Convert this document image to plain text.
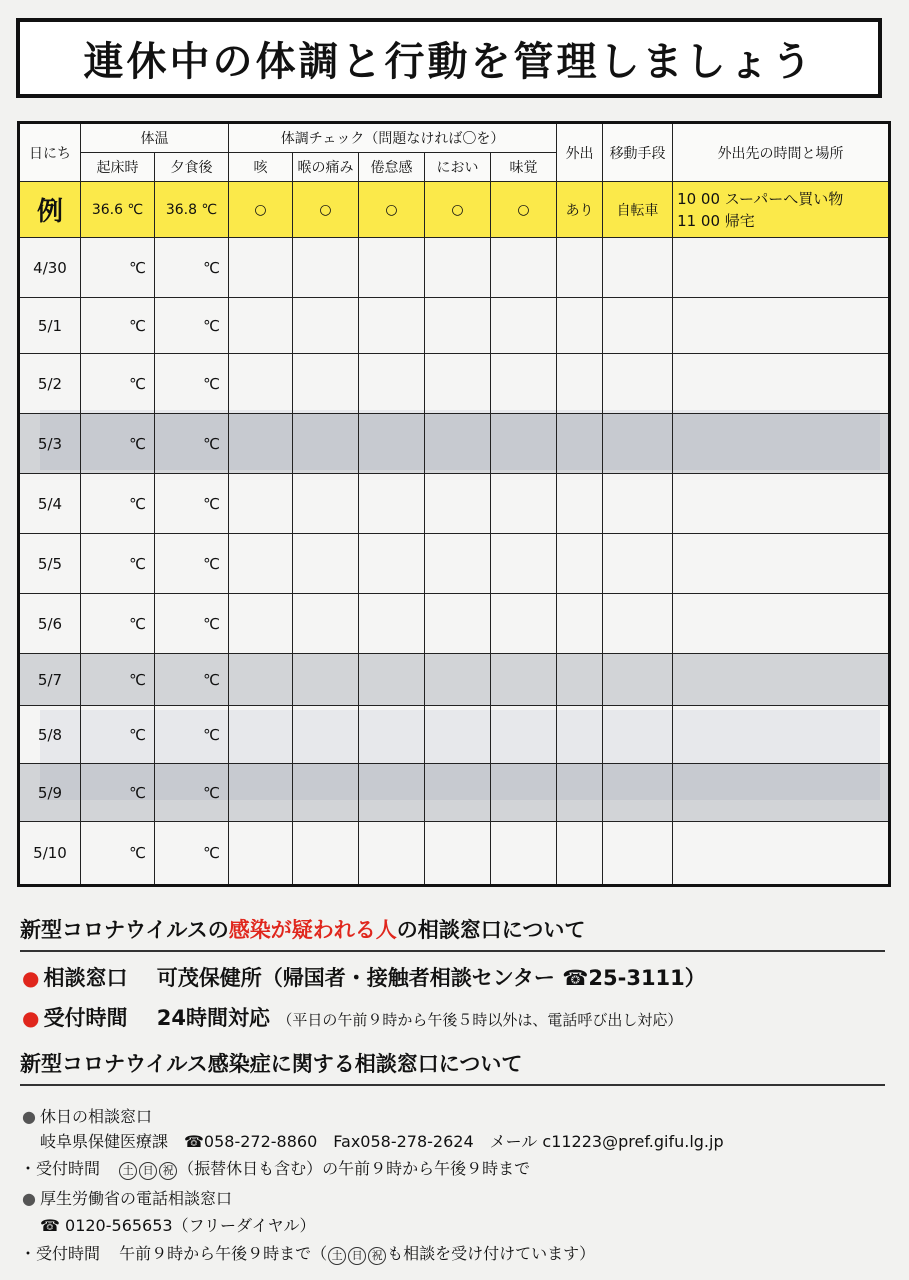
連休中の体調と行動を管理しましょう
日にち	体温		体調チェック（問題なければ〇を）					外出	移動手段	外出先の時間と場所
	起床時	夕食後	咳	喉の痛み	倦怠感	におい	味覚			
例	36.6 ℃	36.8 ℃	○	○	○	○	○	あり	自転車	10 00 スーパーへ買い物
11 00 帰宅

4/30	℃	℃								
5/1	℃	℃								
5/2	℃	℃								
5/3	℃	℃								
5/4	℃	℃								
5/5	℃	℃								
5/6	℃	℃								
5/7	℃	℃								
5/8	℃	℃								
5/9	℃	℃								
5/10	℃	℃								
新型コロナウイルスの感染が疑われる人の相談窓口について
● 相談窓口 可茂保健所（帰国者・接触者相談センター ☎25-3111）
● 受付時間 24時間対応 （平日の午前９時から午後５時以外は、電話呼び出し対応）
新型コロナウイルス感染症に関する相談窓口について
● 休日の相談窓口
岐阜県保健医療課　☎058-272-8860　Fax058-278-2624　メール c11223@pref.gifu.lg.jp
・受付時間 土 日 祝 （振替休日も含む）の午前９時から午後９時まで
● 厚生労働省の電話相談窓口
☎ 0120-565653（フリーダイヤル）
・受付時間 午前９時から午後９時まで（ 土 日 祝 も相談を受け付けています）
